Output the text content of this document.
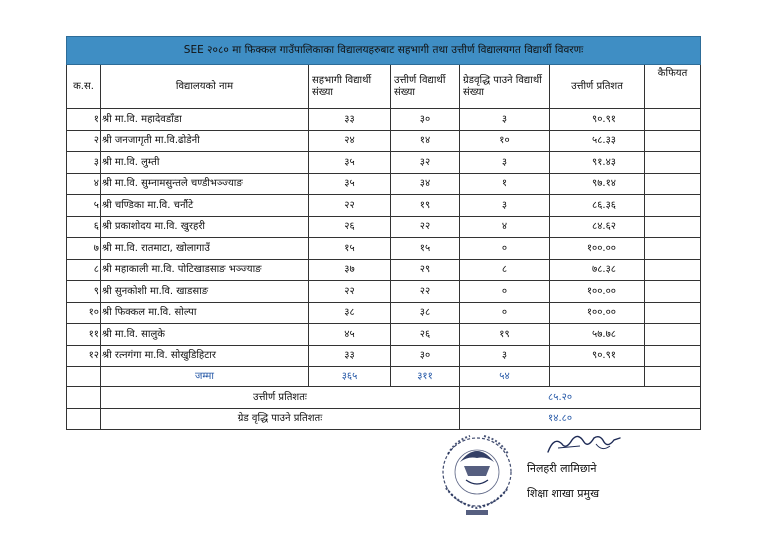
SEE २०८० मा फिक्कल गाउँपालिकाका विद्यालयहरुबाट सहभागी तथा उत्तीर्ण विद्यालयगत विद्यार्थी विवरणः						
क.स.	विद्यालयको नाम	सहभागी विद्यार्थी संख्या	उत्तीर्ण विद्यार्थी संख्या	ग्रेडवृद्धि पाउने विद्यार्थी संख्या	उत्तीर्ण प्रतिशत	कैफियत
१	श्री मा.वि. महादेवडाँडा	३३	३०	३	९०.९१	
२	श्री जनजागृती मा.वि.ढोडेनी	२४	१४	१०	५८.३३	
३	श्री मा.वि. लुम्ती	३५	३२	३	९१.४३	
४	श्री मा.वि. सुम्नामसुन्तले चण्डीभञ्ज्याङ	३५	३४	१	९७.१४	
५	श्री चण्डिका मा.वि. चर्नौटे	२२	१९	३	८६.३६	
६	श्री प्रकाशोदय मा.वि. खुरहरी	२६	२२	४	८४.६२	
७	श्री मा.वि. रातमाटा, खोलागाउँ	१५	१५	०	१००.००	
८	श्री महाकाली मा.वि. पोटिखाडसाङ भञ्ज्याङ	३७	२९	८	७८.३८	
९	श्री सुनकोशी मा.वि. खाडसाङ	२२	२२	०	१००.००	
१०	श्री फिक्कल मा.वि. सोल्पा	३८	३८	०	१००.००	
११	श्री मा.वि. सालुके	४५	२६	१९	५७.७८	
१२	श्री रत्नगंगा मा.वि. सोखुडिहिटार	३३	३०	३	९०.९१	
	जम्मा	३६५	३११	५४		
	उत्तीर्ण प्रतिशतः			८५.२०		
	ग्रेड वृद्धि पाउने प्रतिशतः			१४.८०		
निलहरी लामिछाने
शिक्षा शाखा प्रमुख
